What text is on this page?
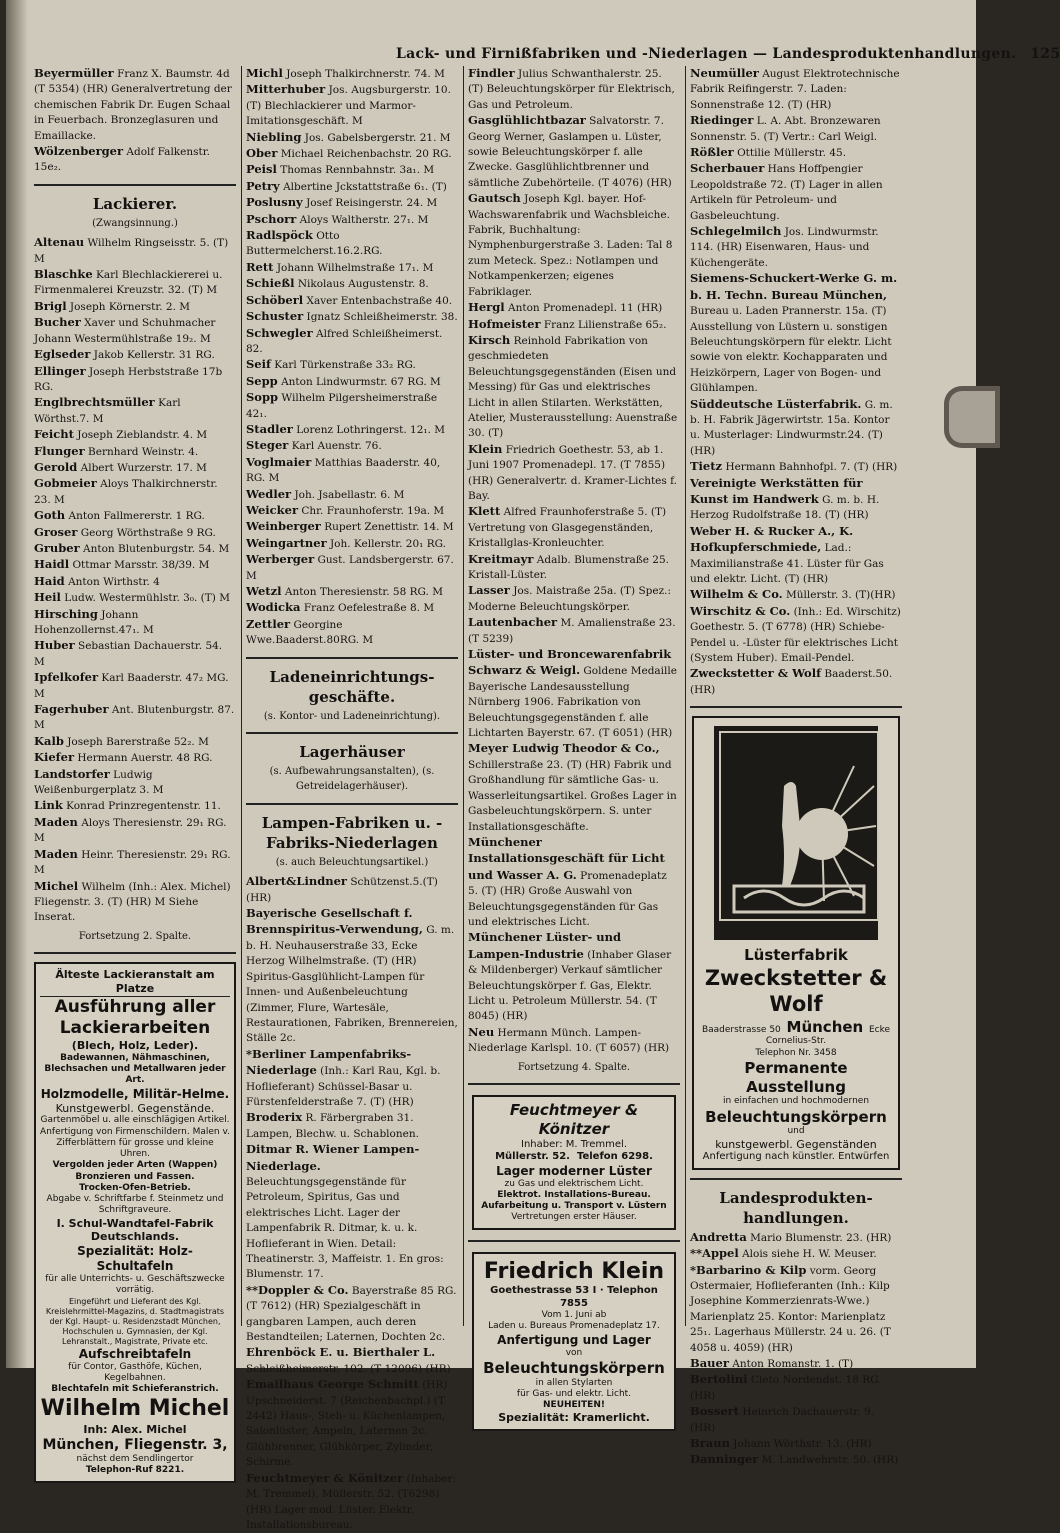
Lack- und Firnißfabriken und -Niederlagen — Landesproduktenhandlungen. 125

Beyermüller Franz X. Baumstr. 4d (T 5354) (HR) Generalvertretung der chemischen Fabrik Dr. Eugen Schaal in Feuerbach. Bronzeglasuren und Emaillacke.

Wölzenberger Adolf Falkenstr. 15e₂.

Lackierer.

(Zwangsinnung.)

Altenau Wilhelm Ringseisstr. 5. (T) M

Blaschke Karl Blechlackiererei u. Firmenmalerei Kreuzstr. 32. (T) M

Brigl Joseph Körnerstr. 2. M

Bucher Xaver und Schuhmacher Johann Westermühlstraße 19₂. M

Eglseder Jakob Kellerstr. 31 RG.

Ellinger Joseph Herbststraße 17b RG.

Englbrechtsmüller Karl Wörthst.7. M

Feicht Joseph Zieblandstr. 4. M

Flunger Bernhard Weinstr. 4.

Gerold Albert Wurzerstr. 17. M

Gobmeier Aloys Thalkirchnerstr. 23. M

Goth Anton Fallmererstr. 1 RG.

Groser Georg Wörthstraße 9 RG.

Gruber Anton Blutenburgstr. 54. M

Haidl Ottmar Marsstr. 38/39. M

Haid Anton Wirthstr. 4

Heil Ludw. Westermühlstr. 3₀. (T) M

Hirsching Johann Hohenzollernst.47₁. M

Huber Sebastian Dachauerstr. 54. M

Ipfelkofer Karl Baaderstr. 47₂ MG. M

Fagerhuber Ant. Blutenburgstr. 87. M

Kalb Joseph Barerstraße 52₂. M

Kiefer Hermann Auerstr. 48 RG.

Landstorfer Ludwig Weißenburgerplatz 3. M

Link Konrad Prinzregentenstr. 11.

Maden Aloys Theresienstr. 29₁ RG. M

Maden Heinr. Theresienstr. 29₁ RG. M

Michel Wilhelm (Inh.: Alex. Michel) Fliegenstr. 3. (T) (HR) M Siehe Inserat.

Fortsetzung 2. Spalte.

Älteste Lackieranstalt am Platze

Ausführung aller

Lackierarbeiten

(Blech, Holz, Leder).

Badewannen, Nähmaschinen, Blechsachen und Metallwaren jeder Art.

Holzmodelle, Militär-Helme.

Kunstgewerbl. Gegenstände.

Gartenmöbel u. alle einschlägigen Artikel. Anfertigung von Firmenschildern. Malen v. Zifferblättern für grosse und kleine Uhren.

Vergolden jeder Arten (Wappen) Bronzieren und Fassen.

Trocken-Ofen-Betrieb.

Abgabe v. Schriftfarbe f. Steinmetz und Schriftgraveure.

I. Schul-Wandtafel-Fabrik Deutschlands.

Spezialität: Holz-Schultafeln

für alle Unterrichts- u. Geschäftszwecke vorrätig.

Eingeführt und Lieferant des Kgl. Kreislehrmittel-Magazins, d. Stadtmagistrats der Kgl. Haupt- u. Residenzstadt München, Hochschulen u. Gymnasien, der Kgl. Lehranstalt., Magistrate, Private etc.

Aufschreibtafeln

für Contor, Gasthöfe, Küchen, Kegelbahnen.

Blechtafeln mit Schieferanstrich.

Wilhelm Michel

Inh: Alex. Michel

München, Fliegenstr. 3,

nächst dem Sendlingertor

Telephon-Ruf 8221.

Michl Joseph Thalkirchnerstr. 74. M

Mitterhuber Jos. Augsburgerstr. 10. (T) Blechlackierer und Marmor-Imitationsgeschäft. M

Niebling Jos. Gabelsbergerstr. 21. M

Ober Michael Reichenbachstr. 20 RG.

Peisl Thomas Rennbahnstr. 3a₁. M

Petry Albertine Jckstattstraße 6₁. (T)

Poslusny Josef Reisingerstr. 24. M

Pschorr Aloys Waltherstr. 27₁. M

Radlspöck Otto Buttermelcherst.16.2.RG.

Rett Johann Wilhelmstraße 17₁. M

Schießl Nikolaus Augustenstr. 8.

Schöberl Xaver Entenbachstraße 40.

Schuster Ignatz Schleißheimerstr. 38.

Schwegler Alfred Schleißheimerst. 82.

Seif Karl Türkenstraße 33₂ RG.

Sepp Anton Lindwurmstr. 67 RG. M

Sopp Wilhelm Pilgersheimerstraße 42₁.

Stadler Lorenz Lothringerst. 12₁. M

Steger Karl Auenstr. 76.

Voglmaier Matthias Baaderstr. 40, RG. M

Wedler Joh. Jsabellastr. 6. M

Weicker Chr. Fraunhoferstr. 19a. M

Weinberger Rupert Zenettistr. 14. M

Weingartner Joh. Kellerstr. 20₁ RG.

Werberger Gust. Landsbergerstr. 67. M

Wetzl Anton Theresienstr. 58 RG. M

Wodicka Franz Oefelestraße 8. M

Zettler Georgine Wwe.Baaderst.80RG. M

Ladeneinrichtungs-geschäfte.

(s. Kontor- und Ladeneinrichtung).

Lagerhäuser

(s. Aufbewahrungsanstalten), (s. Getreidelagerhäuser).

Lampen-Fabriken u. -Fabriks-Niederlagen

(s. auch Beleuchtungsartikel.)

Albert&Lindner Schützenst.5.(T)(HR)

Bayerische Gesellschaft f. Brennspiritus-Verwendung, G. m. b. H. Neuhauserstraße 33, Ecke Herzog Wilhelmstraße. (T) (HR) Spiritus-Gasglühlicht-Lampen für Innen- und Außenbeleuchtung (Zimmer, Flure, Wartesäle, Restaurationen, Fabriken, Brennereien, Ställe 2c.

*Berliner Lampenfabriks-Niederlage (Inh.: Karl Rau, Kgl. b. Hoflieferant) Schüssel-Basar u. Fürstenfelderstraße 7. (T) (HR)

Broderix R. Färbergraben 31. Lampen, Blechw. u. Schablonen.

Ditmar R. Wiener Lampen-Niederlage. Beleuchtungsgegenstände für Petroleum, Spiritus, Gas und elektrisches Licht. Lager der Lampenfabrik R. Ditmar, k. u. k. Hoflieferant in Wien. Detail: Theatinerstr. 3, Maffeistr. 1. En gros: Blumenstr. 17.

**Doppler & Co. Bayerstraße 85 RG. (T 7612) (HR) Spezialgeschäft in gangbaren Lampen, auch deren Bestandteilen; Laternen, Dochten 2c.

Ehrenböck E. u. Bierthaler L. Schleißheimerstr. 102. (T 12096) (HR)

Emailhaus George Schmitt (HR) Upschneiderst. 7 (Reichenbachpl.) (T 2442) Haus-, Steh- u. Küchenlampen, Salonlüster, Ampeln, Laternen 2c. Glühbrenner, Glühkörper, Zylinder, Schirme.

Feuchtmeyer & Könitzer (Inhaber: M. Tremmel). Müllerstr. 52. (T6298) (HR) Lager mod. Lüster. Elektr. Installationsbureau.

Findler Julius Schwanthalerstr. 25. (T) Beleuchtungskörper für Elektrisch, Gas und Petroleum.

Gasglühlichtbazar Salvatorstr. 7. Georg Werner, Gaslampen u. Lüster, sowie Beleuchtungskörper f. alle Zwecke. Gasglühlichtbrenner und sämtliche Zubehörteile. (T 4076) (HR)

Gautsch Joseph Kgl. bayer. Hof-Wachswarenfabrik und Wachsbleiche. Fabrik, Buchhaltung: Nymphenburgerstraße 3. Laden: Tal 8 zum Meteck. Spez.: Notlampen und Notkampenkerzen; eigenes Fabriklager.

Hergl Anton Promenadepl. 11 (HR)

Hofmeister Franz Lilienstraße 65₂.

Kirsch Reinhold Fabrikation von geschmiedeten Beleuchtungsgegenständen (Eisen und Messing) für Gas und elektrisches Licht in allen Stilarten. Werkstätten, Atelier, Musterausstellung: Auenstraße 30. (T)

Klein Friedrich Goethestr. 53, ab 1. Juni 1907 Promenadepl. 17. (T 7855) (HR) Generalvertr. d. Kramer-Lichtes f. Bay.

Klett Alfred Fraunhoferstraße 5. (T) Vertretung von Glasgegenständen, Kristallglas-Kronleuchter.

Kreitmayr Adalb. Blumenstraße 25. Kristall-Lüster.

Lasser Jos. Maistraße 25a. (T) Spez.: Moderne Beleuchtungskörper.

Lautenbacher M. Amalienstraße 23. (T 5239)

Lüster- und Broncewarenfabrik Schwarz & Weigl. Goldene Medaille Bayerische Landesausstellung Nürnberg 1906. Fabrikation von Beleuchtungsgegenständen f. alle Lichtarten Bayerstr. 67. (T 6051) (HR)

Meyer Ludwig Theodor & Co., Schillerstraße 23. (T) (HR) Fabrik und Großhandlung für sämtliche Gas- u. Wasserleitungsartikel. Großes Lager in Gasbeleuchtungskörpern. S. unter Installationsgeschäfte.

Münchener Installationsgeschäft für Licht und Wasser A. G. Promenadeplatz 5. (T) (HR) Große Auswahl von Beleuchtungsgegenständen für Gas und elektrisches Licht.

Münchener Lüster- und Lampen-Industrie (Inhaber Glaser & Mildenberger) Verkauf sämtlicher Beleuchtungskörper f. Gas, Elektr. Licht u. Petroleum Müllerstr. 54. (T 8045) (HR)

Neu Hermann Münch. Lampen-Niederlage Karlspl. 10. (T 6057) (HR)

Fortsetzung 4. Spalte.

Feuchtmeyer & Könitzer

Inhaber: M. Tremmel.

Müllerstr. 52. Telefon 6298.

Lager moderner Lüster

zu Gas und elektrischem Licht.

Elektrot. Installations-Bureau.

Aufarbeitung u. Transport v. Lüstern

Vertretungen erster Häuser.

Friedrich Klein

Goethestrasse 53 I · Telephon 7855

Vom 1. Juni ab

Laden u. Bureaus Promenadeplatz 17.

Anfertigung und Lager

von

Beleuchtungskörpern

in allen Stylarten

für Gas- und elektr. Licht.

NEUHEITEN!

Spezialität: Kramerlicht.

Neumüller August Elektrotechnische Fabrik Reifingerstr. 7. Laden: Sonnenstraße 12. (T) (HR)

Riedinger L. A. Abt. Bronzewaren Sonnenstr. 5. (T) Vertr.: Carl Weigl.

Rößler Ottilie Müllerstr. 45.

Scherbauer Hans Hoffpengier Leopoldstraße 72. (T) Lager in allen Artikeln für Petroleum- und Gasbeleuchtung.

Schlegelmilch Jos. Lindwurmstr. 114. (HR) Eisenwaren, Haus- und Küchengeräte.

Siemens-Schuckert-Werke G. m. b. H. Techn. Bureau München, Bureau u. Laden Prannerstr. 15a. (T) Ausstellung von Lüstern u. sonstigen Beleuchtungskörpern für elektr. Licht sowie von elektr. Kochapparaten und Heizkörpern, Lager von Bogen- und Glühlampen.

Süddeutsche Lüsterfabrik. G. m. b. H. Fabrik Jägerwirtstr. 15a. Kontor u. Musterlager: Lindwurmstr.24. (T)(HR)

Tietz Hermann Bahnhofpl. 7. (T) (HR)

Vereinigte Werkstätten für Kunst im Handwerk G. m. b. H. Herzog Rudolfstraße 18. (T) (HR)

Weber H. & Rucker A., K. Hofkupferschmiede, Lad.: Maximilianstraße 41. Lüster für Gas und elektr. Licht. (T) (HR)

Wilhelm & Co. Müllerstr. 3. (T)(HR)

Wirschitz & Co. (Inh.: Ed. Wirschitz) Goethestr. 5. (T 6778) (HR) Schiebe-Pendel u. -Lüster für elektrisches Licht (System Huber). Email-Pendel.

Zweckstetter & Wolf Baaderst.50.(HR)

Lüsterfabrik

Zweckstetter & Wolf

Baaderstrasse 50 München Ecke Cornelius-Str.

Telephon Nr. 3458

Permanente Ausstellung

in einfachen und hochmodernen

Beleuchtungskörpern

und

kunstgewerbl. Gegenständen

Anfertigung nach künstler. Entwürfen

Landesprodukten-handlungen.

Andretta Mario Blumenstr. 23. (HR)

**Appel Alois siehe H. W. Meuser.

*Barbarino & Kilp vorm. Georg Ostermaier, Hoflieferanten (Inh.: Kilp Josephine Kommerzienrats-Wwe.) Marienplatz 25. Kontor: Marienplatz 25₁. Lagerhaus Müllerstr. 24 u. 26. (T 4058 u. 4059) (HR)

Bauer Anton Romanstr. 1. (T)

Bertolini Cleto Nordendst. 18 RG.(HR)

Bossert Heinrich Dachauerstr. 9. (HR)

Braun Johann Wörthstr. 13. (HR)

Danninger M. Landwehrstr. 50. (HR)
